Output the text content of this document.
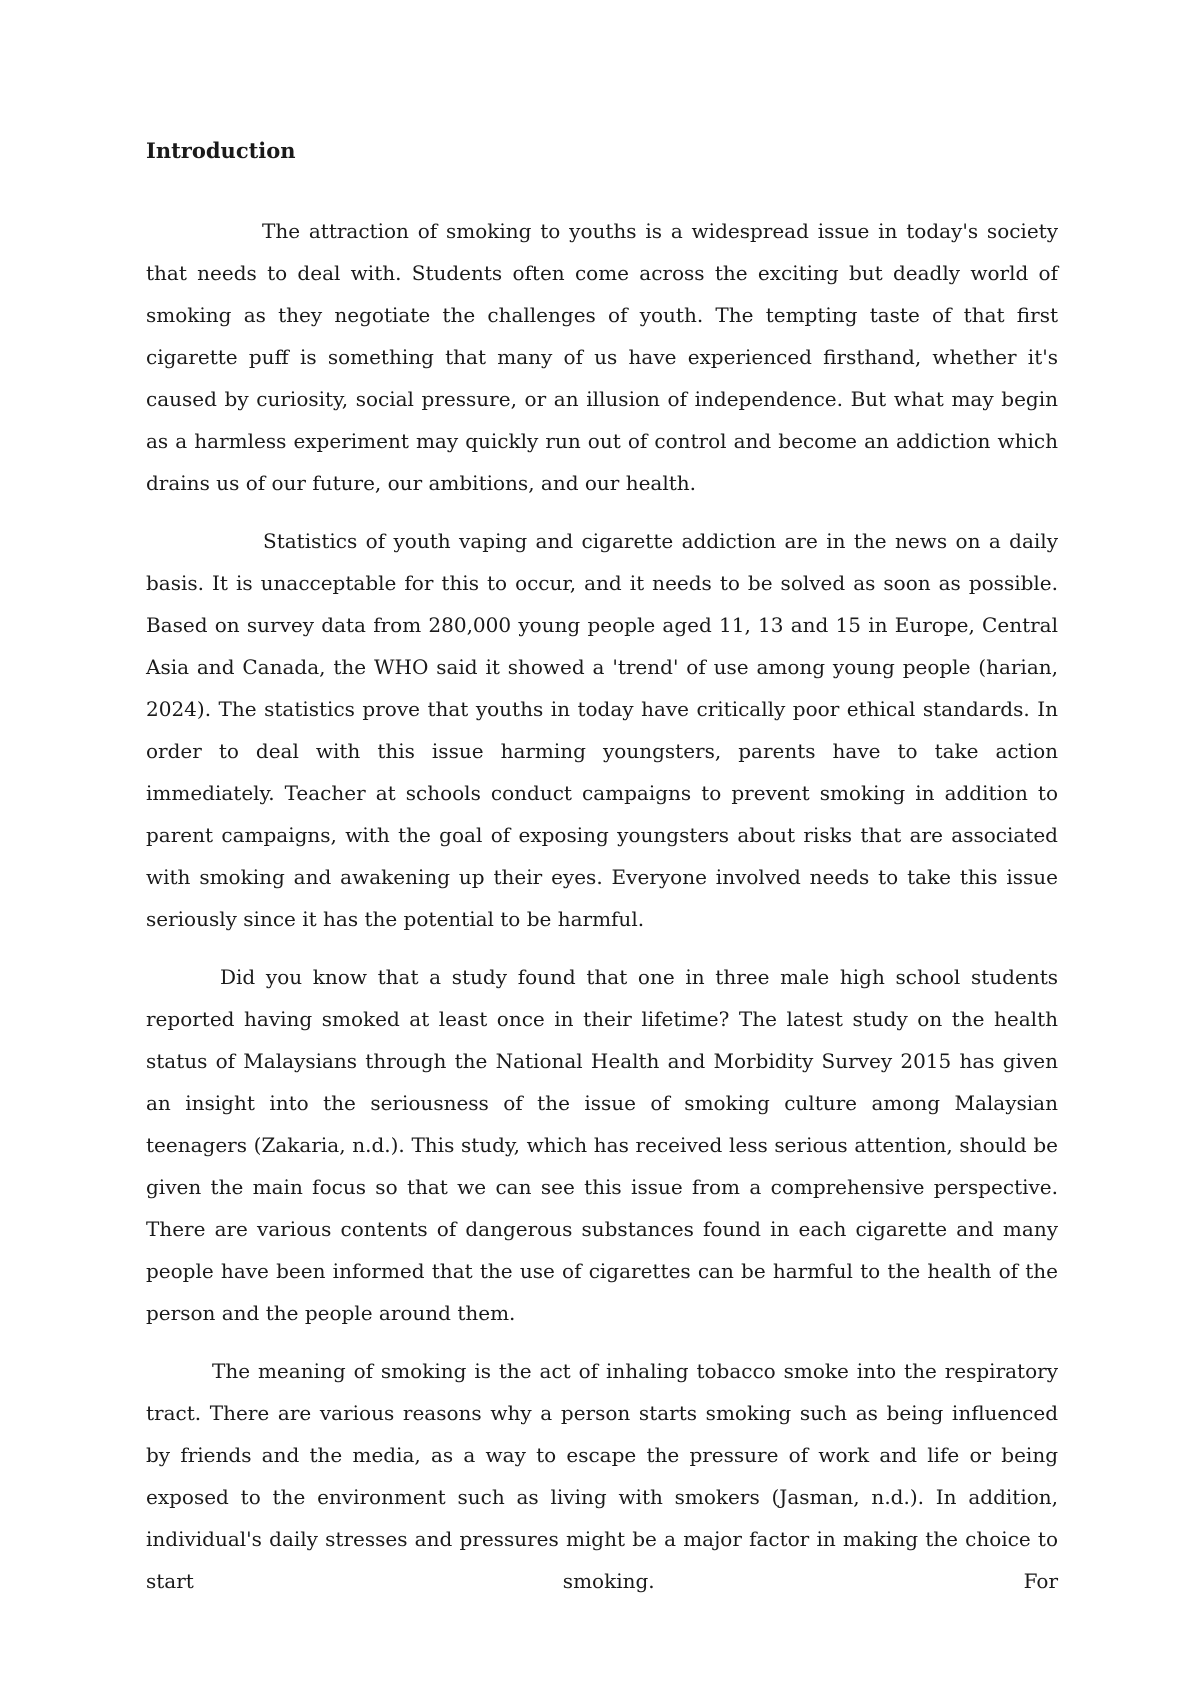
Introduction

The attraction of smoking to youths is a widespread issue in today's society that needs to deal with. Students often come across the exciting but deadly world of smoking as they negotiate the challenges of youth. The tempting taste of that first cigarette puff is something that many of us have experienced firsthand, whether it's caused by curiosity, social pressure, or an illusion of independence. But what may begin as a harmless experiment may quickly run out of control and become an addiction which drains us of our future, our ambitions, and our health.

Statistics of youth vaping and cigarette addiction are in the news on a daily basis. It is unacceptable for this to occur, and it needs to be solved as soon as possible. Based on survey data from 280,000 young people aged 11, 13 and 15 in Europe, Central Asia and Canada, the WHO said it showed a 'trend' of use among young people (harian, 2024). The statistics prove that youths in today have critically poor ethical standards. In order to deal with this issue harming youngsters, parents have to take action immediately. Teacher at schools conduct campaigns to prevent smoking in addition to parent campaigns, with the goal of exposing youngsters about risks that are associated with smoking and awakening up their eyes. Everyone involved needs to take this issue seriously since it has the potential to be harmful.

Did you know that a study found that one in three male high school students reported having smoked at least once in their lifetime? The latest study on the health status of Malaysians through the National Health and Morbidity Survey 2015 has given an insight into the seriousness of the issue of smoking culture among Malaysian teenagers (Zakaria, n.d.). This study, which has received less serious attention, should be given the main focus so that we can see this issue from a comprehensive perspective. There are various contents of dangerous substances found in each cigarette and many people have been informed that the use of cigarettes can be harmful to the health of the person and the people around them.

The meaning of smoking is the act of inhaling tobacco smoke into the respiratory tract. There are various reasons why a person starts smoking such as being influenced by friends and the media, as a way to escape the pressure of work and life or being exposed to the environment such as living with smokers (Jasman, n.d.). In addition, individual's daily stresses and pressures might be a major factor in making the choice to start smoking. For
